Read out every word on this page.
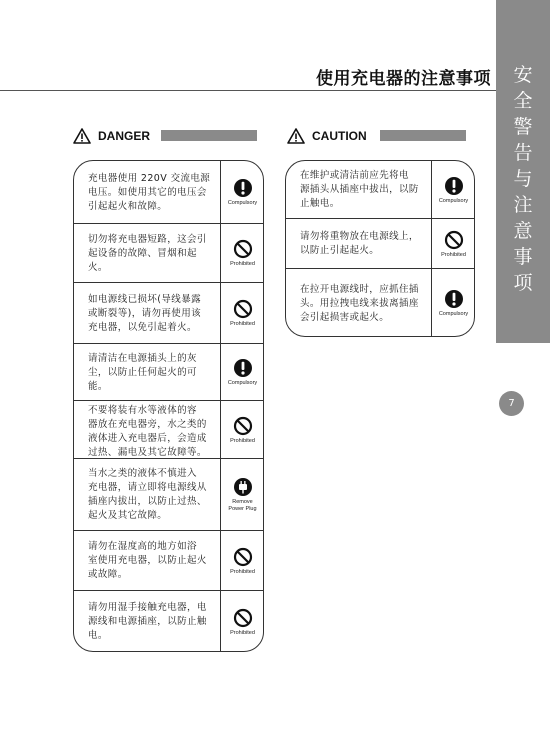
安
全
警
告
与
注
意
事
项
7
使用充电器的注意事项
DANGER	CAUTION
充电器使用 220V 交流电源
电压。如使用其它的电压会
引起起火和故障。	Compulsory
切勿将充电器短路，这会引
起设备的故障、冒烟和起
火。	Prohibited
如电源线已损坏(导线暴露
或断裂等)，请勿再使用该
充电器，以免引起着火。	Prohibited
请清洁在电源插头上的灰
尘，以防止任何起火的可
能。	Compulsory
不要将装有水等液体的容
器放在充电器旁，水之类的
液体进入充电器后，会造成
过热、漏电及其它故障等。
Prohibited
当水之类的液体不慎进入
充电器，请立即将电源线从
插座内拔出，以防止过热、
起火及其它故障。
Remove
Power Plug
请勿在湿度高的地方如浴
室使用充电器，以防止起火
或故障。	Prohibited
请勿用湿手接触充电器，电
源线和电源插座，以防止触
电。	Prohibited
在维护或清洁前应先将电
源插头从插座中拔出，以防
止触电。	Compulsory
请勿将重物放在电源线上，
以防止引起起火。	Prohibited
在拉开电源线时，应抓住插
头。用拉拽电线来拔离插座
会引起损害或起火。	Compulsory
